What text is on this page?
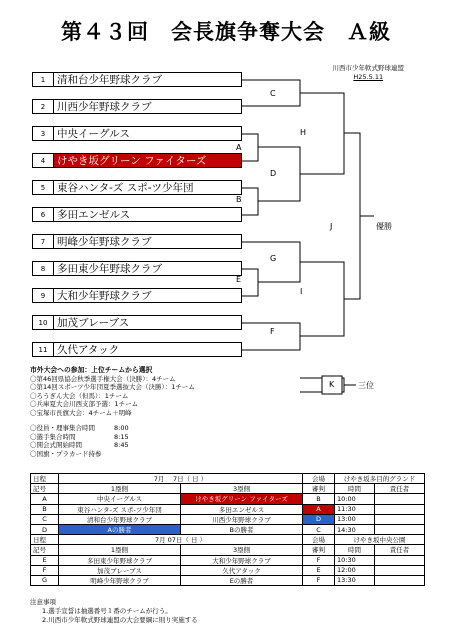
第４３回　会長旗争奪大会　Ａ級
川西市少年軟式野球連盟
H25.5.11
1	清和台少年野球クラブ
2	川西少年野球クラブ
3	中央イーグルス
4	けやき坂グリーン ファイターズ
5	東谷ハンタ-ズ スポ-ツ少年団
6	多田エンゼルス
7	明峰少年野球クラブ
8	多田東少年野球クラブ
9	大和少年野球クラブ
10 加茂ブレーブス
11 久代アタック
C
A
B
D
H
G
E
I
F
J	優勝
K	三位
市外大会への参加：上位チームから選択
〇第46回県協会秋季選手権大会（決勝）：4チーム
〇第14回スポーツ少年団夏季選抜大会（決勝）：1チーム
〇ろうぎん大会（但馬）：1チーム
〇兵庫夏大会川西支部予選：1チーム
〇宝塚市長旗大会：4チーム＋明峰
〇役員・理事集合時間	8:00
〇選手集合時間	8:15
〇開会式開始時間	8:45
〇国旗・プラカード持参
日程	7月　 7日（ 日 ）		会場	けやき坂多目的グランド	
記号	1塁側	3塁側	審判	時間	責任者
A	中央イーグルス	けやき坂グリーン ファイターズ	B	10:00	
B	東谷ハンタ-ズ スポ-ツ少年団	多田エンゼルス	A	11:30	
C	清和台少年野球クラブ	川西少年野球クラブ	D	13:00	
D	Aの勝者	Bの勝者	C	14:30	
日程	7月 07日（ 日 ）		会場	けやき坂中央公園	
記号	1塁側	3塁側	審判	時間	責任者
E	多田東少年野球クラブ	大和少年野球クラブ	F	10:30	
F	加茂ブレーブス	久代アタック	E	12:00	
G	明峰少年野球クラブ	Eの勝者	F	13:30	
注意事項
1.選手宣誓は抽選番号１番のチームが行う。
2.川西市少年軟式野球連盟の大会要綱に則り実施する
